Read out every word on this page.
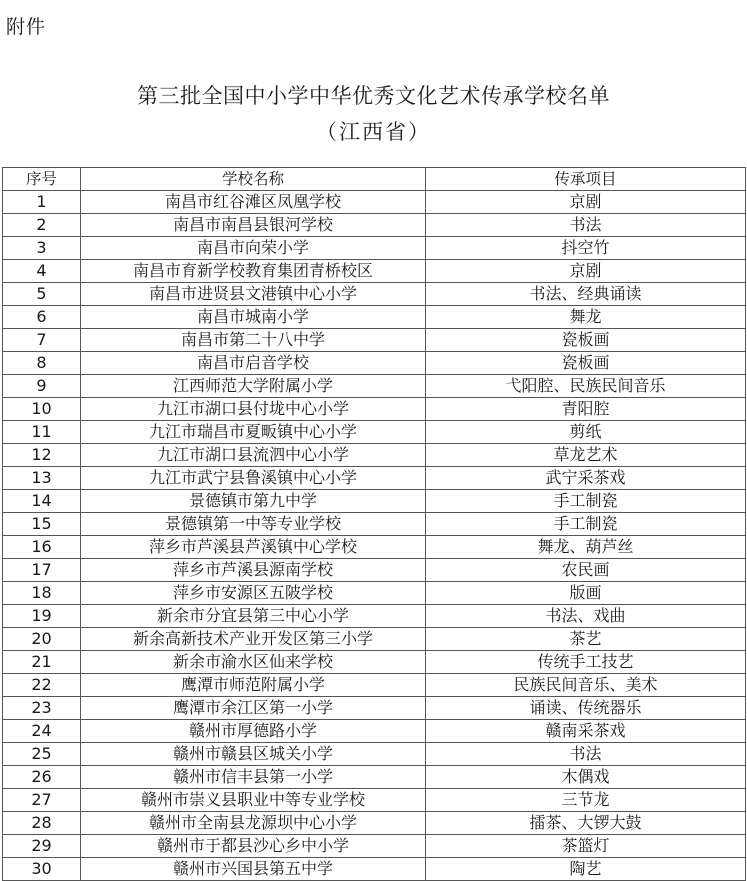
附件
第三批全国中小学中华优秀文化艺术传承学校名单
（江西省）
序号	学校名称	传承项目
1	南昌市红谷滩区凤凰学校	京剧
2	南昌市南昌县银河学校	书法
3	南昌市向荣小学	抖空竹
4	南昌市育新学校教育集团青桥校区	京剧
5	南昌市进贤县文港镇中心小学	书法、经典诵读
6	南昌市城南小学	舞龙
7	南昌市第二十八中学	瓷板画
8	南昌市启音学校	瓷板画
9	江西师范大学附属小学	弋阳腔、民族民间音乐
10	九江市湖口县付垅中心小学	青阳腔
11	九江市瑞昌市夏畈镇中心小学	剪纸
12	九江市湖口县流泗中心小学	草龙艺术
13	九江市武宁县鲁溪镇中心小学	武宁采茶戏
14	景德镇市第九中学	手工制瓷
15	景德镇第一中等专业学校	手工制瓷
16	萍乡市芦溪县芦溪镇中心学校	舞龙、葫芦丝
17	萍乡市芦溪县源南学校	农民画
18	萍乡市安源区五陂学校	版画
19	新余市分宜县第三中心小学	书法、戏曲
20	新余高新技术产业开发区第三小学	茶艺
21	新余市渝水区仙来学校	传统手工技艺
22	鹰潭市师范附属小学	民族民间音乐、美术
23	鹰潭市余江区第一小学	诵读、传统器乐
24	赣州市厚德路小学	赣南采茶戏
25	赣州市赣县区城关小学	书法
26	赣州市信丰县第一小学	木偶戏
27	赣州市崇义县职业中等专业学校	三节龙
28	赣州市全南县龙源坝中心小学	擂茶、大锣大鼓
29	赣州市于都县沙心乡中小学	茶篮灯
30	赣州市兴国县第五中学	陶艺
